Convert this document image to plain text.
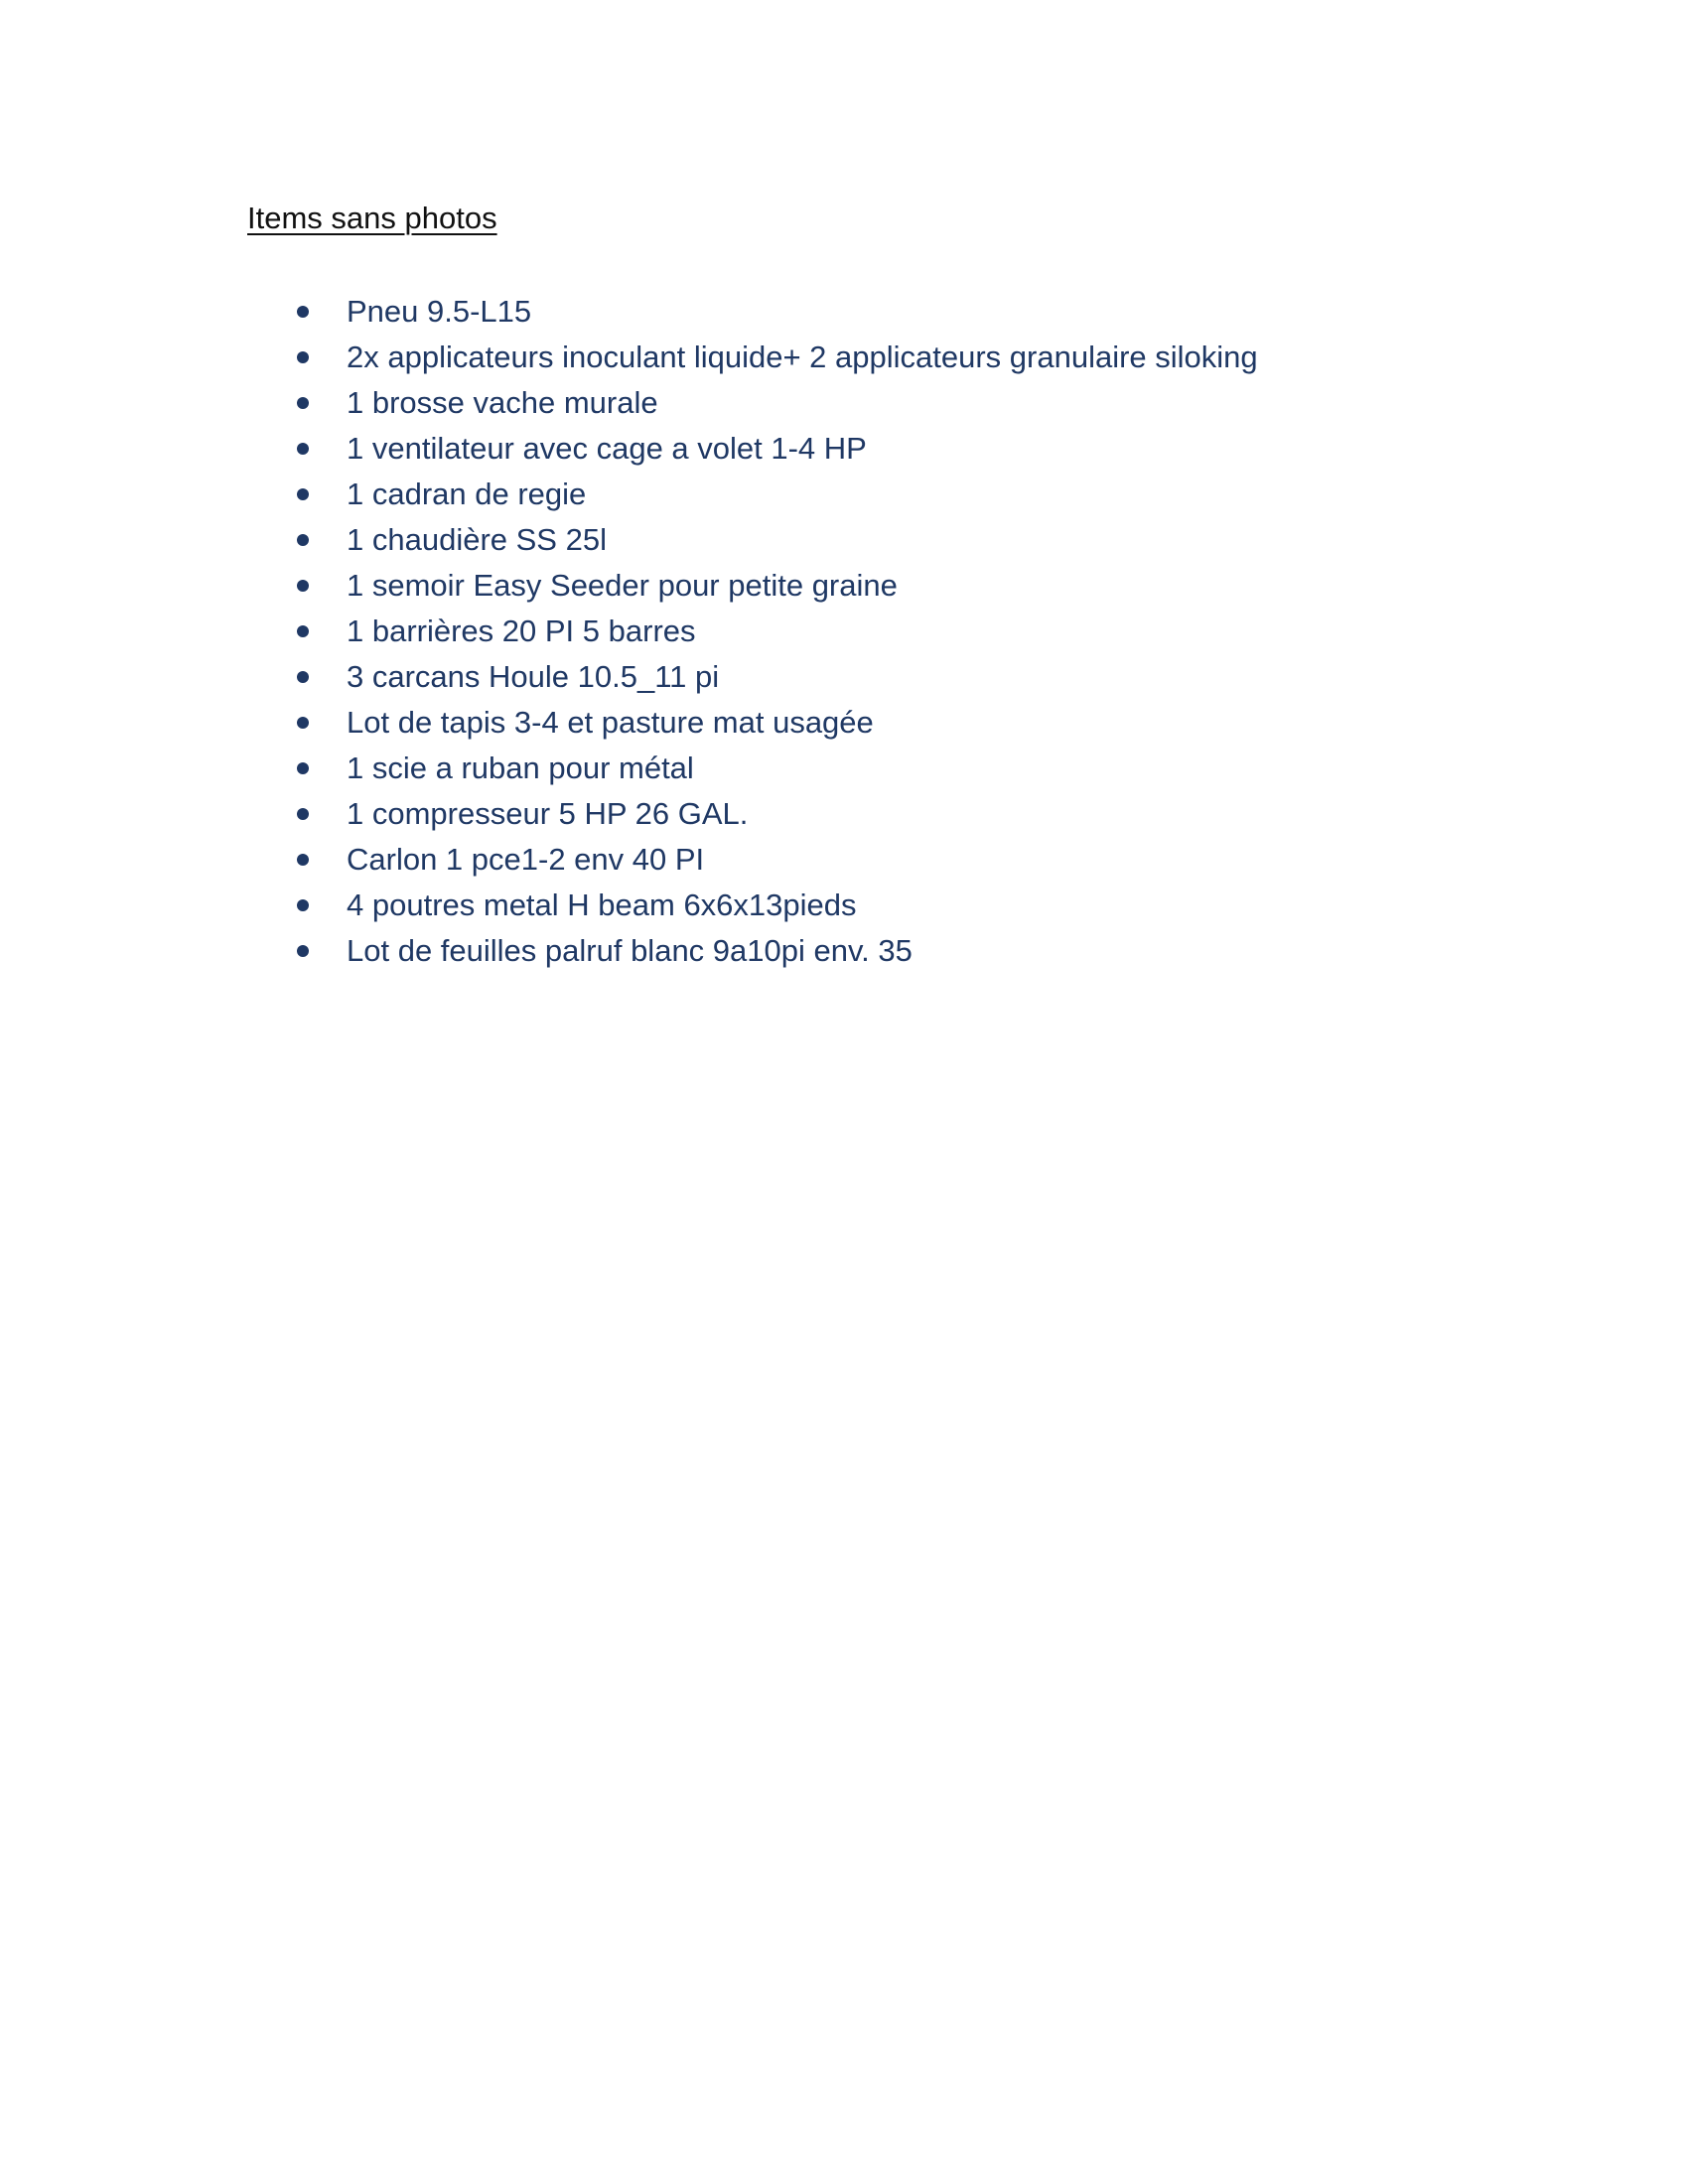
Items sans photos
Pneu 9.5-L15
2x applicateurs inoculant liquide+ 2 applicateurs granulaire siloking
1 brosse vache murale
1 ventilateur avec cage a volet 1-4 HP
1 cadran de regie
1 chaudière SS 25l
1 semoir Easy Seeder pour petite graine
1 barrières 20 PI 5 barres
3 carcans Houle 10.5_11 pi
Lot de tapis 3-4 et pasture mat usagée
1 scie a ruban pour métal
1 compresseur 5 HP 26 GAL.
Carlon 1 pce1-2 env 40 PI
4 poutres metal H beam 6x6x13pieds
Lot de feuilles palruf blanc 9a10pi env. 35
